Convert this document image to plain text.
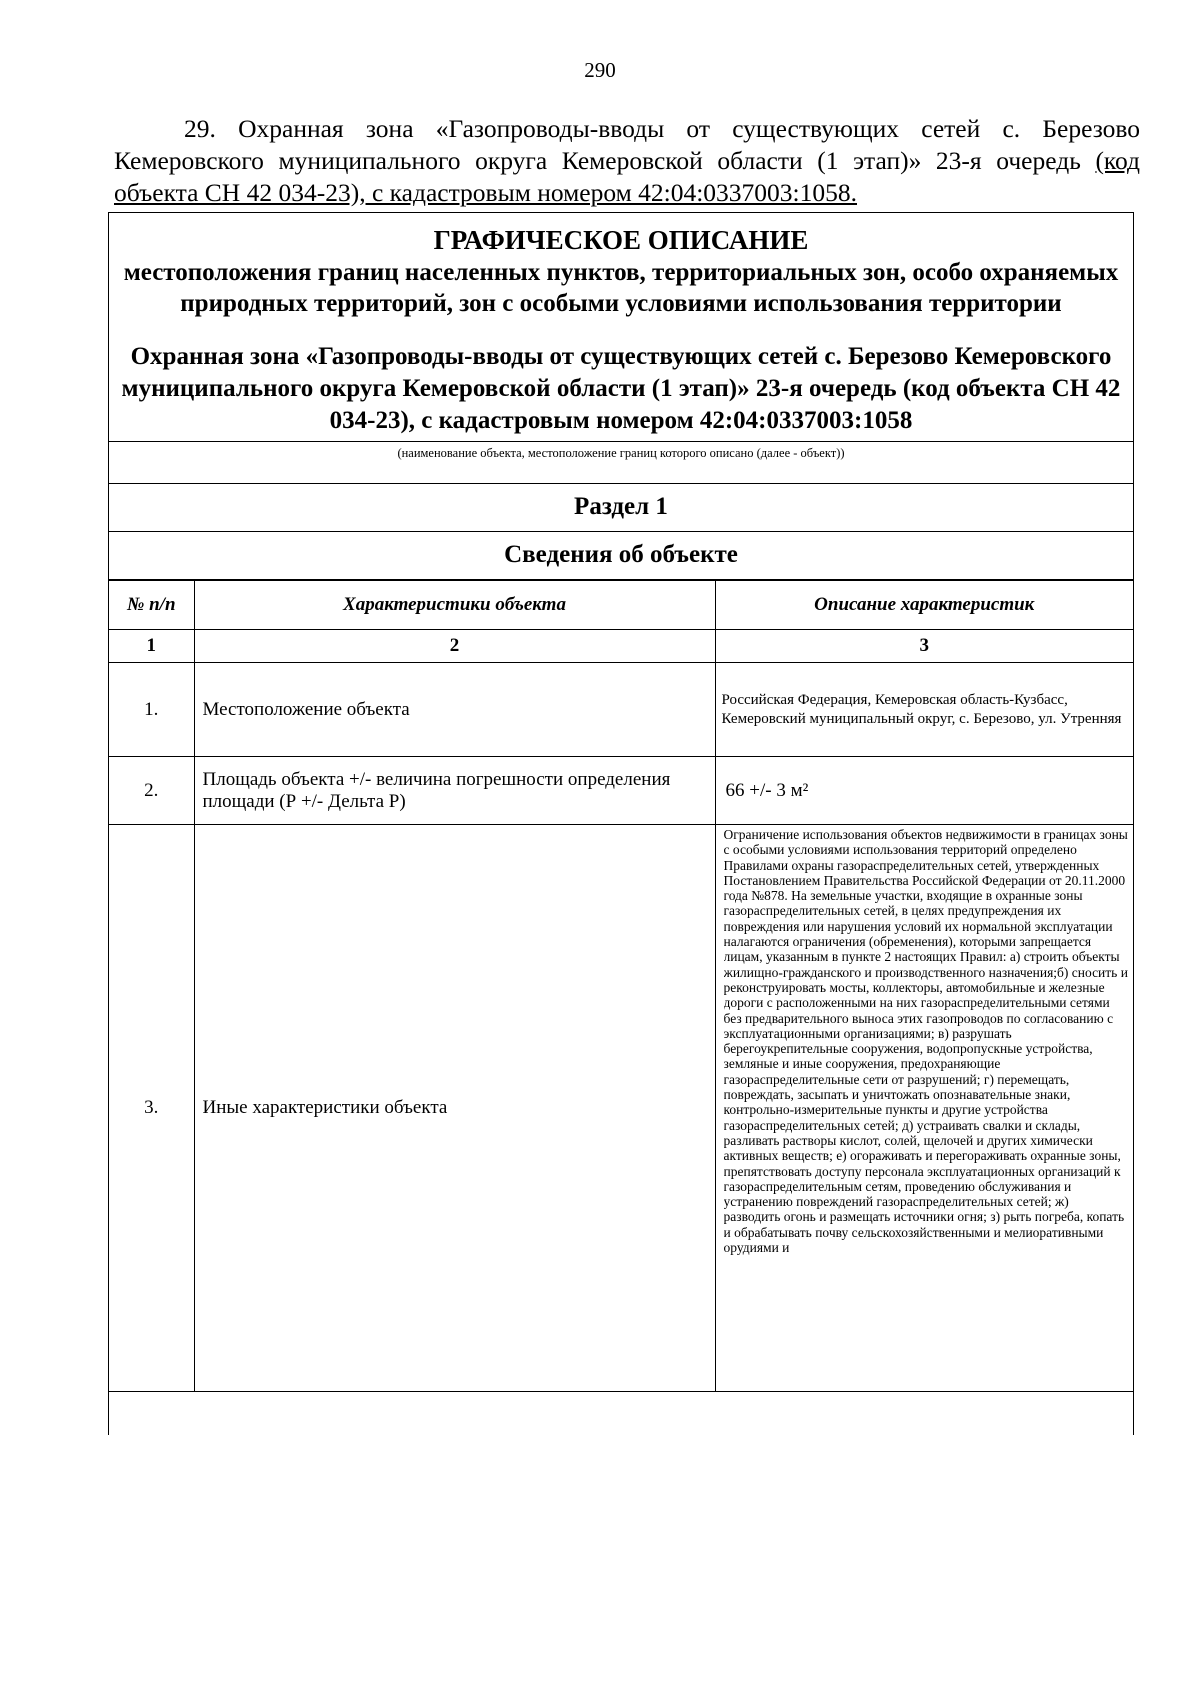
290
29. Охранная зона «Газопроводы-вводы от существующих сетей с. Березово Кемеровского муниципального округа Кемеровской области (1 этап)» 23-я очередь (код объекта СН 42 034-23), с кадастровым номером 42:04:0337003:1058.
ГРАФИЧЕСКОЕ ОПИСАНИЕ
местоположения границ населенных пунктов, территориальных зон, особо охраняемых природных территорий, зон с особыми условиями использования территории
Охранная зона «Газопроводы-вводы от существующих сетей с. Березово Кемеровского муниципального округа Кемеровской области (1 этап)» 23-я очередь (код объекта СН 42 034-23), с кадастровым номером 42:04:0337003:1058
(наименование объекта, местоположение границ которого описано (далее - объект))
Раздел 1
Сведения об объекте
№ п/п	Характеристики объекта	Описание характеристик
1	2	3
1.	Местоположение объекта	Российская Федерация, Кемеровская область-Кузбасс, Кемеровский муниципальный округ, с. Березово, ул. Утренняя
2.	Площадь объекта +/- величина погрешности определения площади (Р +/- Дельта Р)	66 +/- 3 м²
3.	Иные характеристики объекта	Ограничение использования объектов недвижимости в границах зоны с особыми условиями использования территорий определено Правилами охраны газораспределительных сетей, утвержденных Постановлением Правительства Российской Федерации от 20.11.2000 года №878. На земельные участки, входящие в охранные зоны газораспределительных сетей, в целях предупреждения их повреждения или нарушения условий их нормальной эксплуатации налагаются ограничения (обременения), которыми запрещается лицам, указанным в пункте 2 настоящих Правил: а) строить объекты жилищно-гражданского и производственного назначения;б) сносить и реконструировать мосты, коллекторы, автомобильные и железные дороги с расположенными на них газораспределительными сетями без предварительного выноса этих газопроводов по согласованию с эксплуатационными организациями; в) разрушать берегоукрепительные сооружения, водопропускные устройства, земляные и иные сооружения, предохраняющие газораспределительные сети от разрушений; г) перемещать, повреждать, засыпать и уничтожать опознавательные знаки, контрольно-измерительные пункты и другие устройства газораспределительных сетей; д) устраивать свалки и склады, разливать растворы кислот, солей, щелочей и других химически активных веществ; е) огораживать и перегораживать охранные зоны, препятствовать доступу персонала эксплуатационных организаций к газораспределительным сетям, проведению обслуживания и устранению повреждений газораспределительных сетей; ж) разводить огонь и размещать источники огня; з) рыть погреба, копать и обрабатывать почву сельскохозяйственными и мелиоративными орудиями и
